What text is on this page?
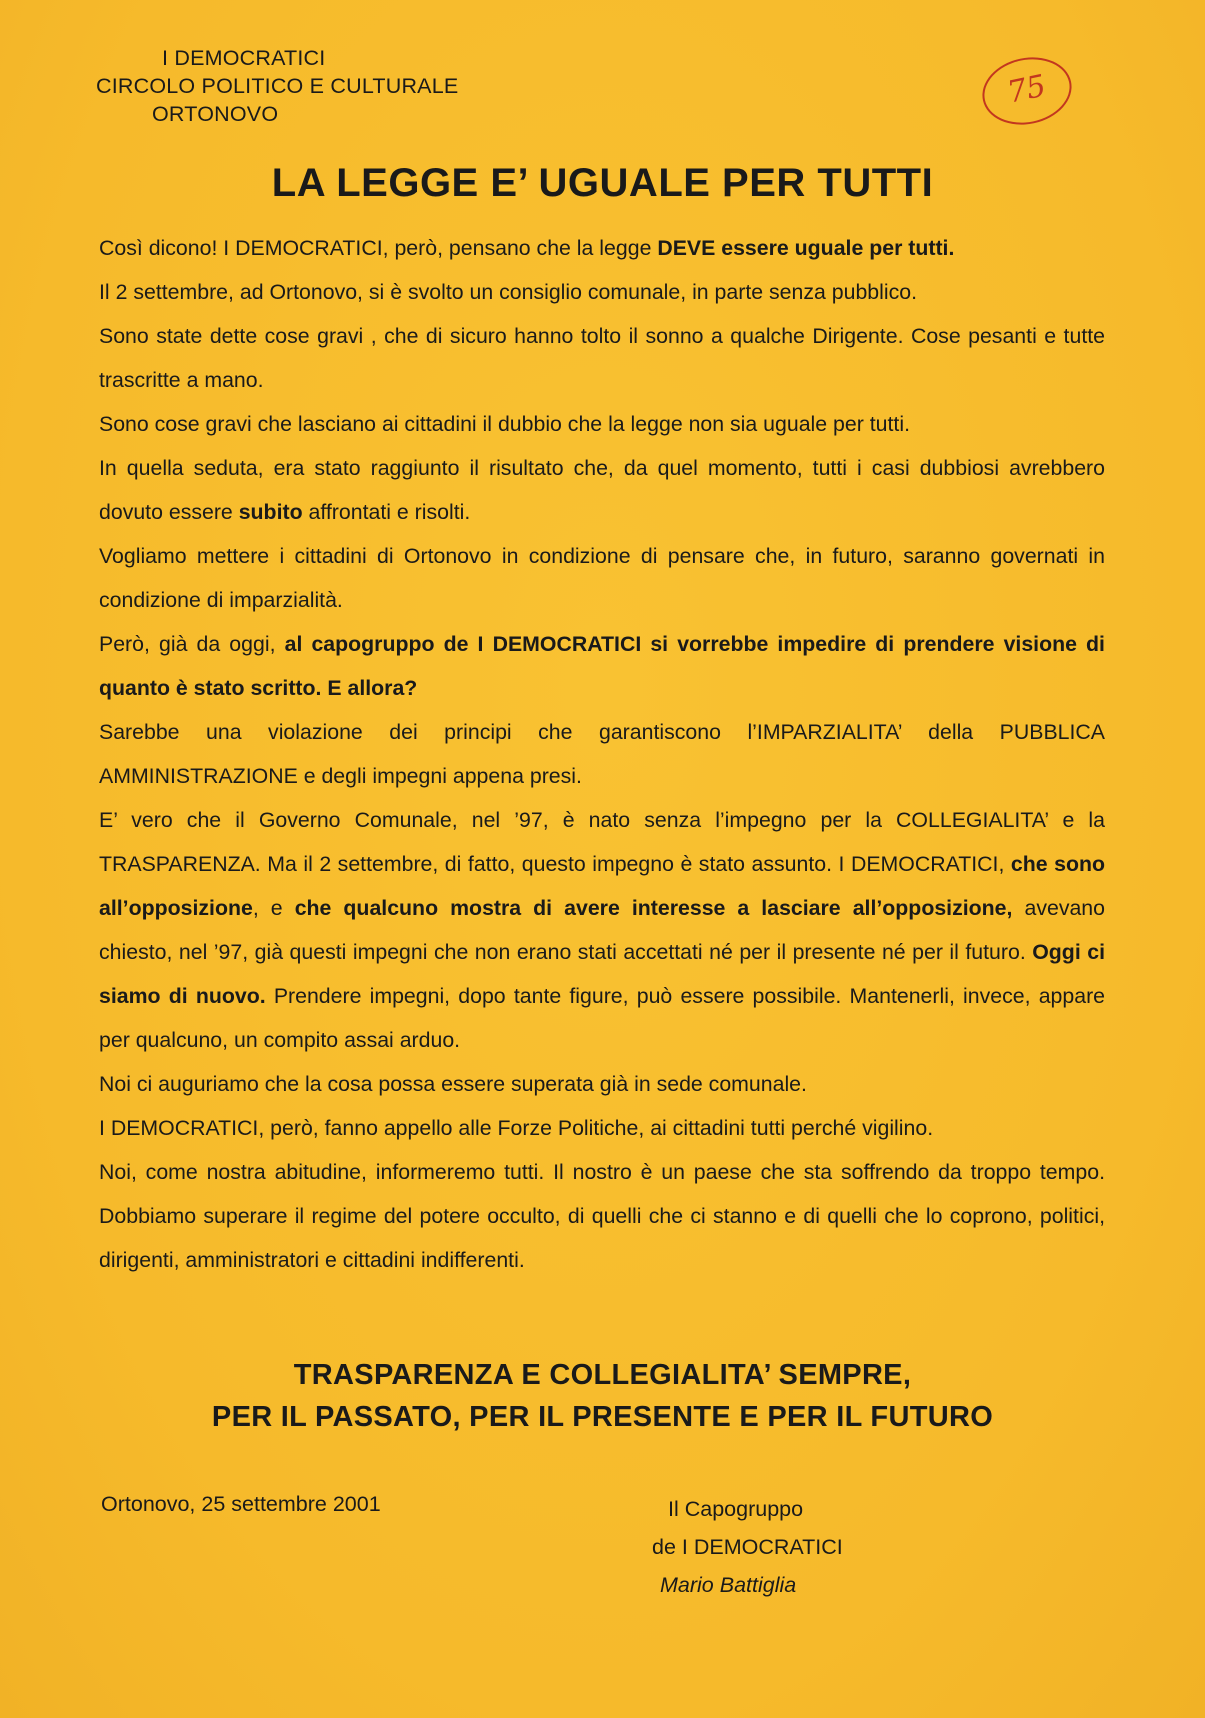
I DEMOCRATICI
CIRCOLO POLITICO E CULTURALE
ORTONOVO
75
LA LEGGE E’ UGUALE PER TUTTI

Così dicono! I DEMOCRATICI, però, pensano che la legge DEVE essere uguale per tutti.

Il 2 settembre, ad Ortonovo, si è svolto un consiglio comunale, in parte senza pubblico.

Sono state dette cose gravi , che di sicuro hanno tolto il sonno a qualche Dirigente. Cose pesanti e tutte trascritte a mano.

Sono cose gravi che lasciano ai cittadini il dubbio che la legge non sia uguale per tutti.

In quella seduta, era stato raggiunto il risultato che, da quel momento, tutti i casi dubbiosi avrebbero dovuto essere subito affrontati e risolti.

Vogliamo mettere i cittadini di Ortonovo in condizione di pensare che, in futuro, saranno governati in condizione di imparzialità.

Però, già da oggi, al capogruppo de I DEMOCRATICI si vorrebbe impedire di prendere visione di quanto è stato scritto. E allora?

Sarebbe una violazione dei principi che garantiscono l’IMPARZIALITA’ della PUBBLICA AMMINISTRAZIONE e degli impegni appena presi.

E’ vero che il Governo Comunale, nel ’97, è nato senza l’impegno per la COLLEGIALITA’ e la TRASPARENZA. Ma il 2 settembre, di fatto, questo impegno è stato assunto. I DEMOCRATICI, che sono all’opposizione, e che qualcuno mostra di avere interesse a lasciare all’opposizione, avevano chiesto, nel ’97, già questi impegni che non erano stati accettati né per il presente né per il futuro. Oggi ci siamo di nuovo. Prendere impegni, dopo tante figure, può essere possibile. Mantenerli, invece, appare per qualcuno, un compito assai arduo.

Noi ci auguriamo che la cosa possa essere superata già in sede comunale.

I DEMOCRATICI, però, fanno appello alle Forze Politiche, ai cittadini tutti perché vigilino.

Noi, come nostra abitudine, informeremo tutti. Il nostro è un paese che sta soffrendo da troppo tempo. Dobbiamo superare il regime del potere occulto, di quelli che ci stanno e di quelli che lo coprono, politici, dirigenti, amministratori e cittadini indifferenti.

TRASPARENZA E COLLEGIALITA’ SEMPRE,
PER IL PASSATO, PER IL PRESENTE E PER IL FUTURO
Ortonovo, 25 settembre 2001	Il Capogruppo
de I DEMOCRATICI
Mario Battiglia
